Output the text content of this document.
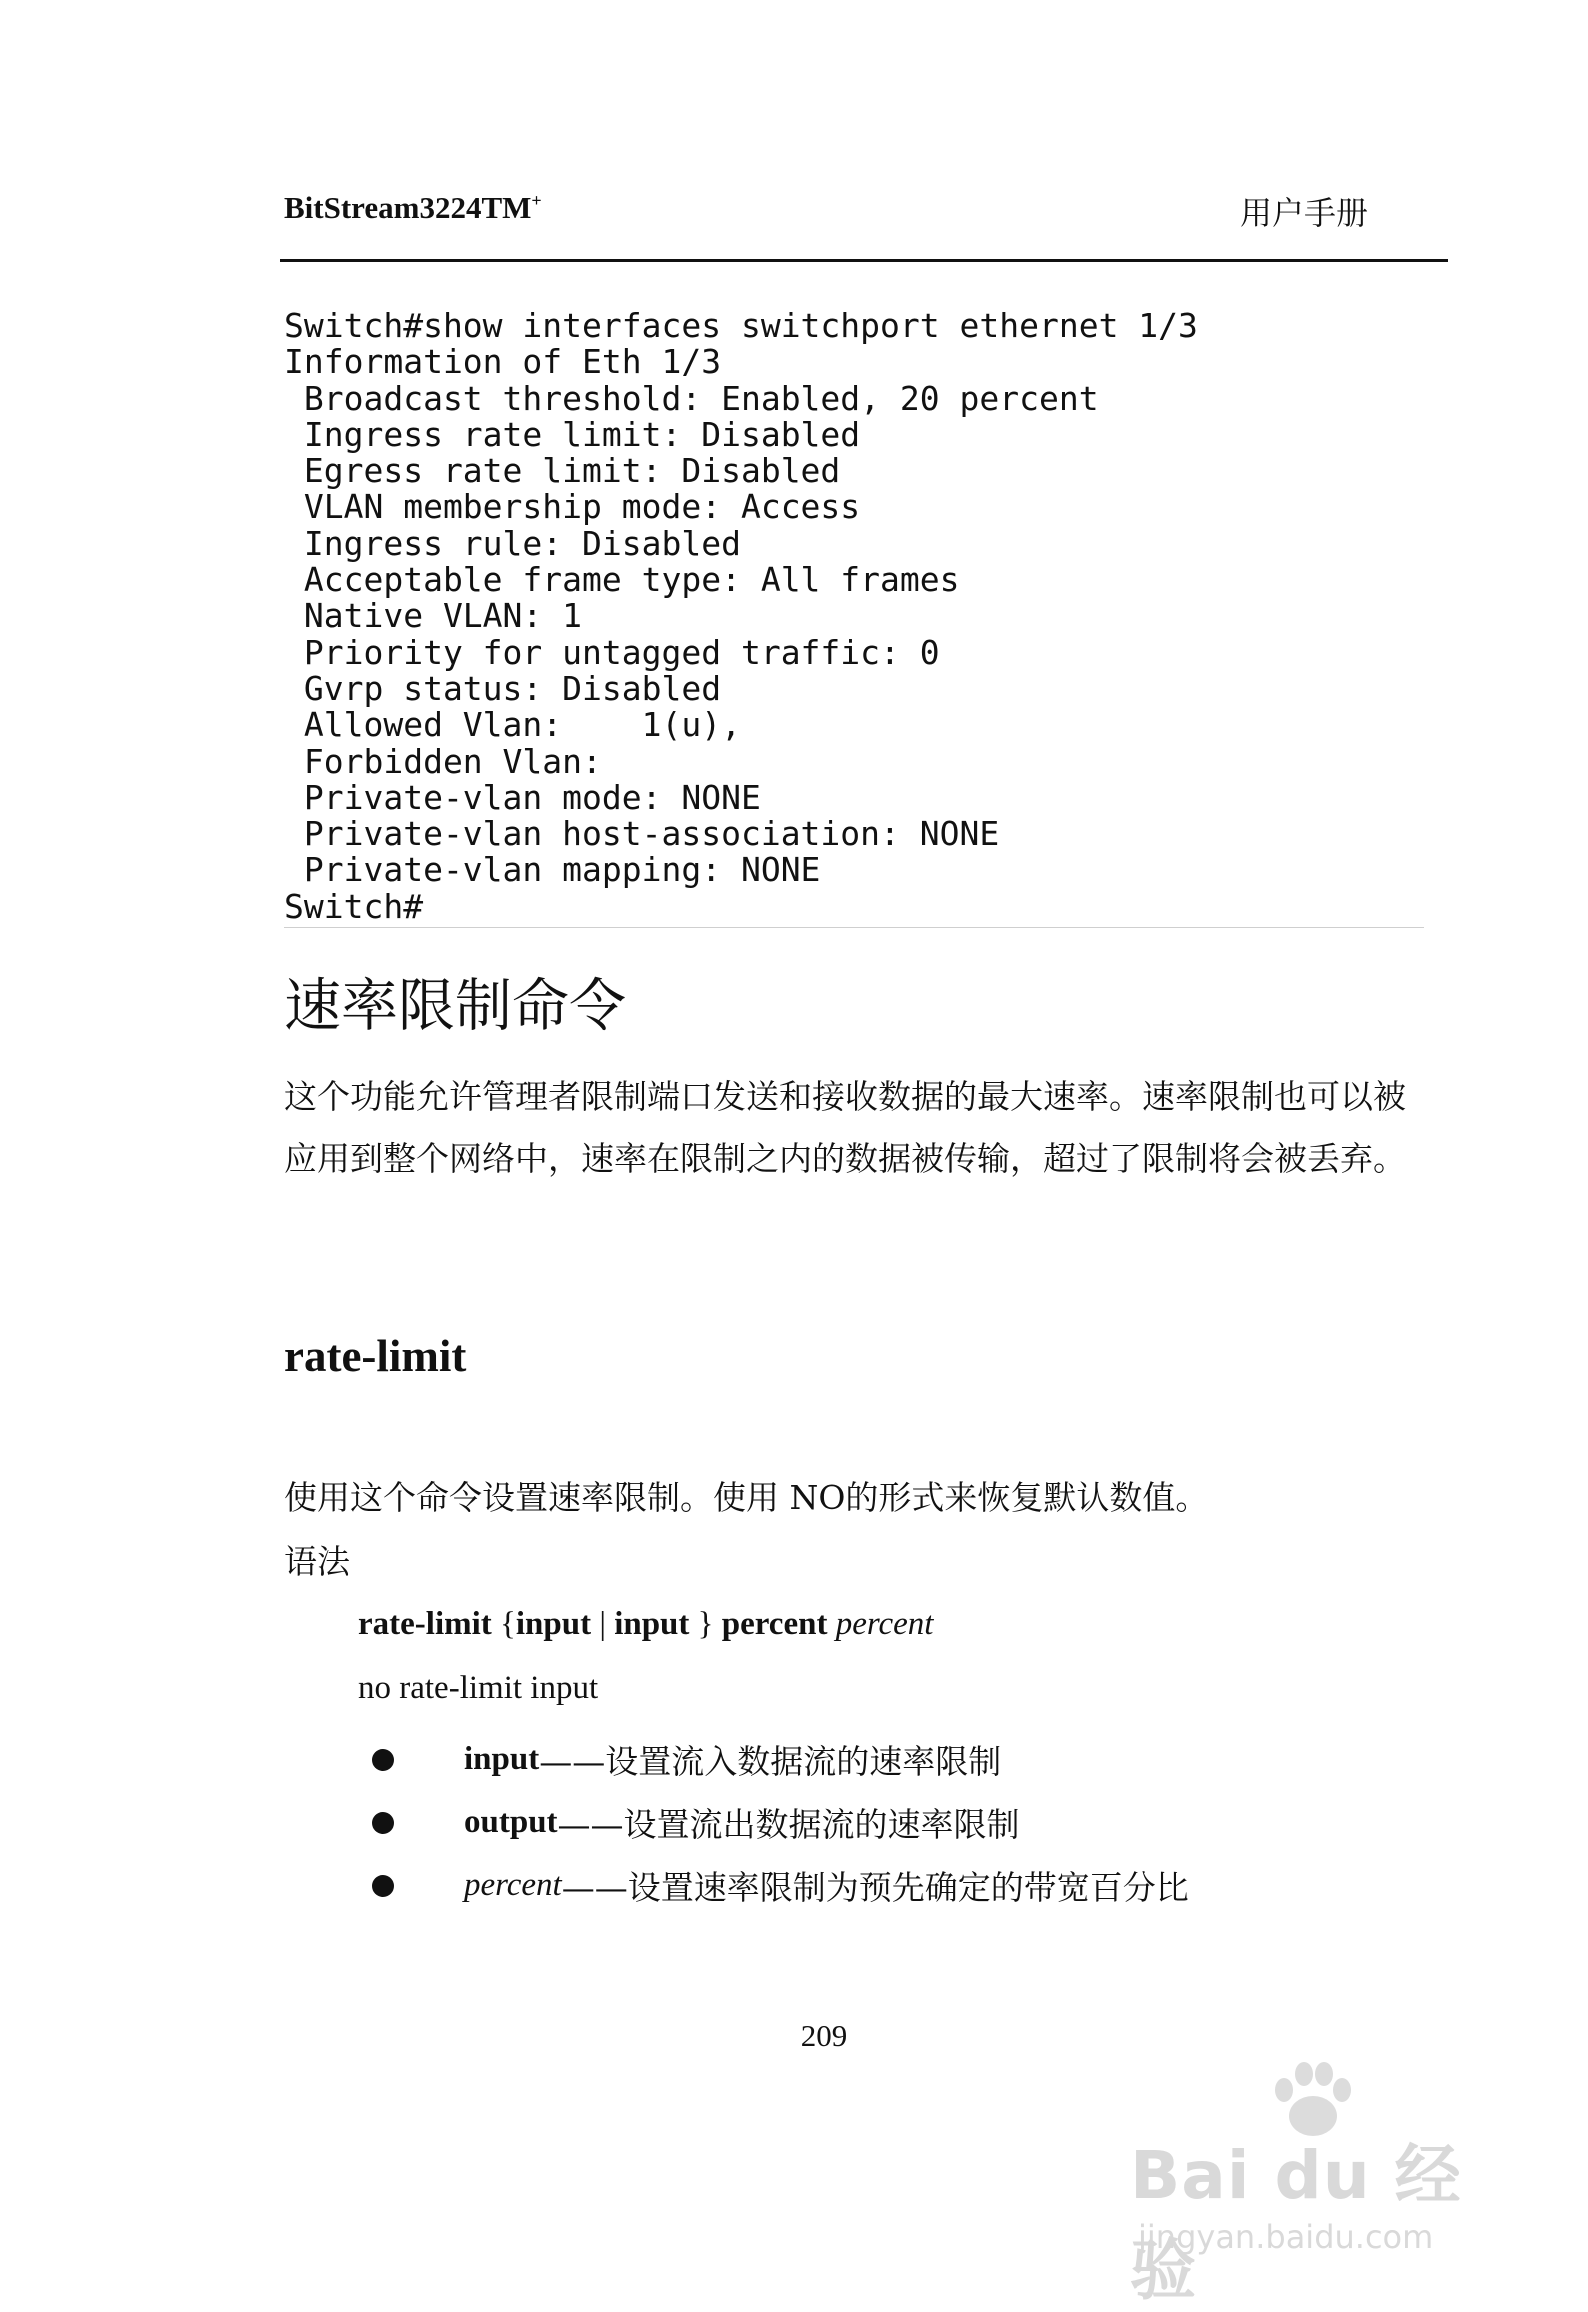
BitStream3224TM+	用户手册
Switch#show interfaces switchport ethernet 1/3
Information of Eth 1/3
Broadcast threshold: Enabled, 20 percent
Ingress rate limit: Disabled
Egress rate limit: Disabled
VLAN membership mode: Access
Ingress rule: Disabled
Acceptable frame type: All frames
Native VLAN: 1
Priority for untagged traffic: 0
Gvrp status: Disabled
Allowed Vlan:    1(u),
Forbidden Vlan:
Private-vlan mode: NONE
Private-vlan host-association: NONE
Private-vlan mapping: NONE
Switch#
速率限制命令
这个功能允许管理者限制端口发送和接收数据的最大速率。速率限制也可以被应用到整个网络中，速率在限制之内的数据被传输，超过了限制将会被丢弃。
rate-limit
使用这个命令设置速率限制。使用 NO的形式来恢复默认数值。
语法
rate-limit {input | input } percent percent
no rate-limit input
input ——设置流入数据流的速率限制
output ——设置流出数据流的速率限制
percent ——设置速率限制为预先确定的带宽百分比
209
Bai du 经验
jingyan.baidu.com
